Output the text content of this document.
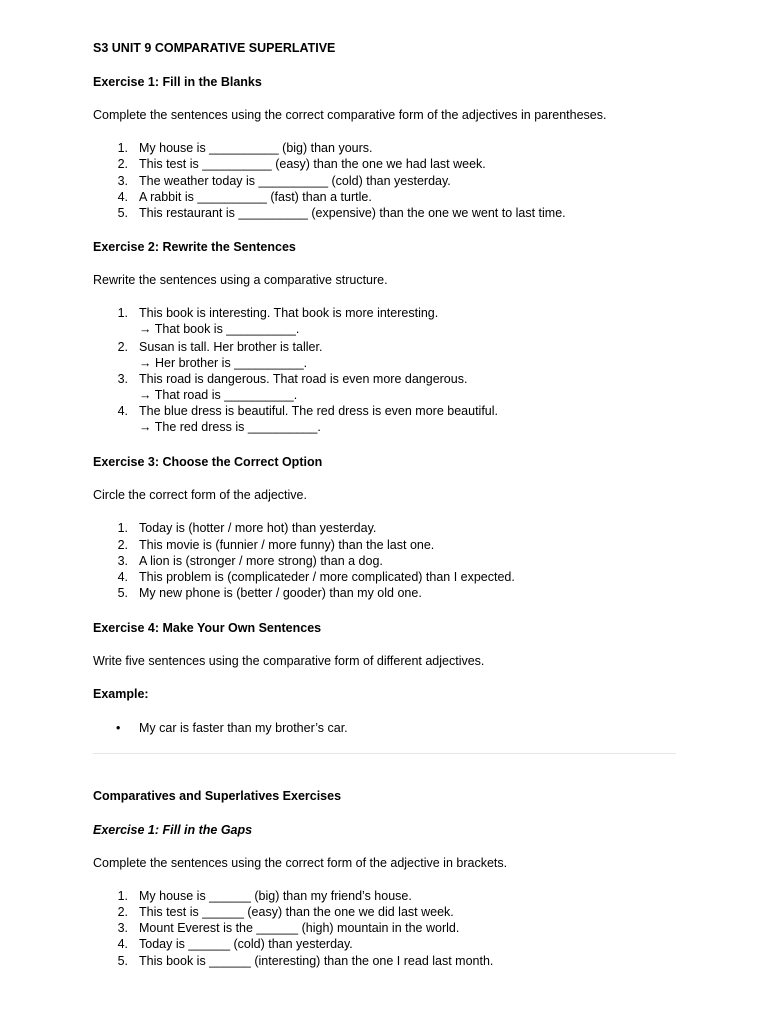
S3 UNIT 9 COMPARATIVE SUPERLATIVE
Exercise 1: Fill in the Blanks
Complete the sentences using the correct comparative form of the adjectives in parentheses.
1. My house is __________ (big) than yours.
2. This test is __________ (easy) than the one we had last week.
3. The weather today is __________ (cold) than yesterday.
4. A rabbit is __________ (fast) than a turtle.
5. This restaurant is __________ (expensive) than the one we went to last time.
Exercise 2: Rewrite the Sentences
Rewrite the sentences using a comparative structure.
1. This book is interesting. That book is more interesting.
→ That book is __________.
2. Susan is tall. Her brother is taller.
→ Her brother is __________.
3. This road is dangerous. That road is even more dangerous.
→ That road is __________.
4. The blue dress is beautiful. The red dress is even more beautiful.
→ The red dress is __________.
Exercise 3: Choose the Correct Option
Circle the correct form of the adjective.
1. Today is (hotter / more hot) than yesterday.
2. This movie is (funnier / more funny) than the last one.
3. A lion is (stronger / more strong) than a dog.
4. This problem is (complicateder / more complicated) than I expected.
5. My new phone is (better / gooder) than my old one.
Exercise 4: Make Your Own Sentences
Write five sentences using the comparative form of different adjectives.
Example:
• My car is faster than my brother’s car.
Comparatives and Superlatives Exercises
Exercise 1: Fill in the Gaps
Complete the sentences using the correct form of the adjective in brackets.
1. My house is ______ (big) than my friend’s house.
2. This test is ______ (easy) than the one we did last week.
3. Mount Everest is the ______ (high) mountain in the world.
4. Today is ______ (cold) than yesterday.
5. This book is ______ (interesting) than the one I read last month.
